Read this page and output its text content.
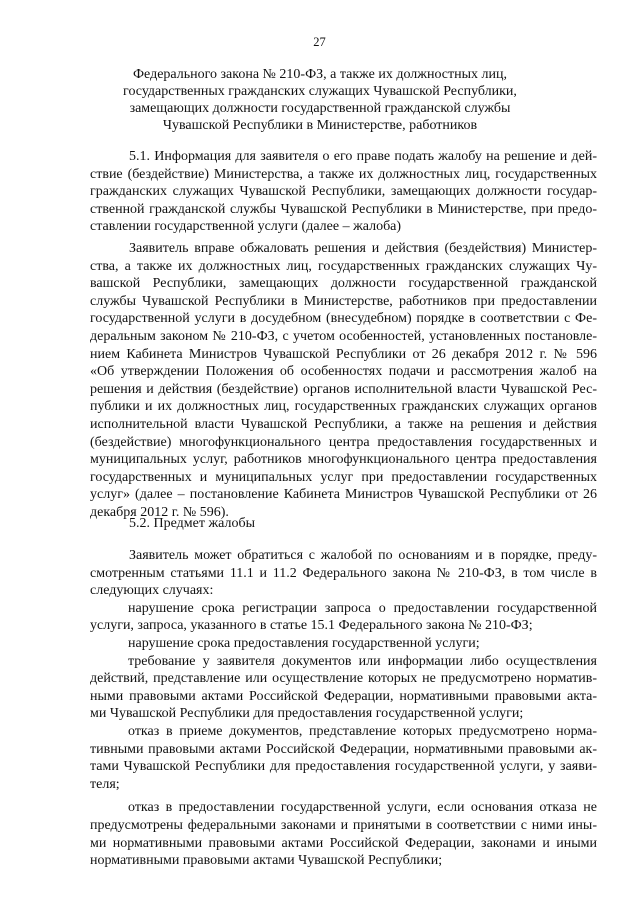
27
Федерального закона № 210-ФЗ, а также их должностных лиц,
государственных гражданских служащих Чувашской Республики,
замещающих должности государственной гражданской службы
Чувашской Республики в Министерстве, работников
5.1. Информация для заявителя о его праве подать жалобу на решение и дей-
ствие (бездействие) Министерства, а также их должностных лиц, государственных
гражданских служащих Чувашской Республики, замещающих должности государ-
ственной гражданской службы Чувашской Республики в Министерстве, при предо-
ставлении государственной услуги (далее – жалоба)
Заявитель вправе обжаловать решения и действия (бездействия) Министер-
ства, а также их должностных лиц, государственных гражданских служащих Чу-
вашской Республики, замещающих должности государственной гражданской
службы Чувашской Республики в Министерстве, работников при предоставлении
государственной услуги в досудебном (внесудебном) порядке в соответствии с Фе-
деральным законом № 210-ФЗ, с учетом особенностей, установленных постановле-
нием Кабинета Министров Чувашской Республики от 26 декабря 2012 г. № 596
«Об утверждении Положения об особенностях подачи и рассмотрения жалоб на
решения и действия (бездействие) органов исполнительной власти Чувашской Рес-
публики и их должностных лиц, государственных гражданских служащих органов
исполнительной власти Чувашской Республики, а также на решения и действия
(бездействие) многофункционального центра предоставления государственных и
муниципальных услуг, работников многофункционального центра предоставления
государственных и муниципальных услуг при предоставлении государственных
услуг» (далее – постановление Кабинета Министров Чувашской Республики от 26
декабря 2012 г. № 596).
5.2. Предмет жалобы
Заявитель может обратиться с жалобой по основаниям и в порядке, преду-
смотренным статьями 11.1 и 11.2 Федерального закона № 210-ФЗ, в том числе в
следующих случаях:
нарушение срока регистрации запроса о предоставлении государственной
услуги, запроса, указанного в статье 15.1 Федерального закона № 210-ФЗ;
нарушение срока предоставления государственной услуги;
требование у заявителя документов или информации либо осуществления
действий, представление или осуществление которых не предусмотрено норматив-
ными правовыми актами Российской Федерации, нормативными правовыми акта-
ми Чувашской Республики для предоставления государственной услуги;
отказ в приеме документов, представление которых предусмотрено норма-
тивными правовыми актами Российской Федерации, нормативными правовыми ак-
тами Чувашской Республики для предоставления государственной услуги, у заяви-
теля;
отказ в предоставлении государственной услуги, если основания отказа не
предусмотрены федеральными законами и принятыми в соответствии с ними ины-
ми нормативными правовыми актами Российской Федерации, законами и иными
нормативными правовыми актами Чувашской Республики;
